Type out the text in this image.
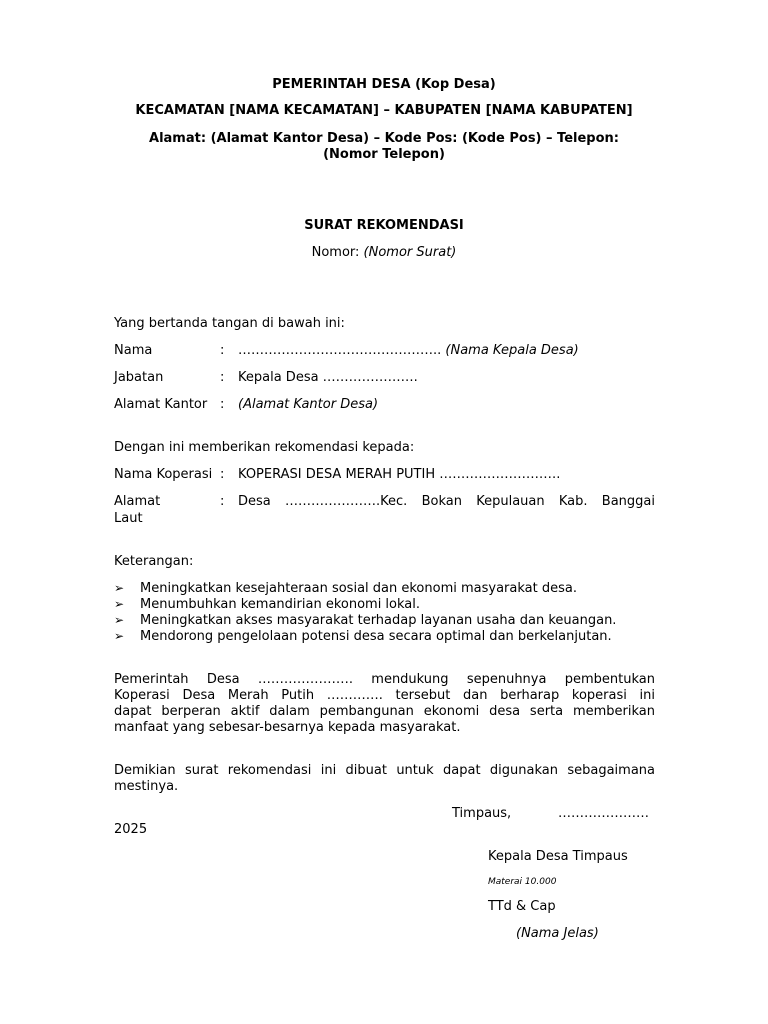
PEMERINTAH DESA (Kop Desa)
KECAMATAN [NAMA KECAMATAN] – KABUPATEN [NAMA KABUPATEN]
Alamat: (Alamat Kantor Desa) – Kode Pos: (Kode Pos) – Telepon:
(Nomor Telepon)
SURAT REKOMENDASI
Nomor: (Nomor Surat)
Yang bertanda tangan di bawah ini:
Nama	: ……………………………………….. (Nama Kepala Desa)
Jabatan	: Kepala Desa ………………….
Alamat Kantor : (Alamat Kantor Desa)
Dengan ini memberikan rekomendasi kepada:
Nama Koperasi : KOPERASI DESA MERAH PUTIH ……………………….
Alamat	: Desa ………………….Kec. Bokan Kepulauan Kab. Banggai
Laut
Keterangan:
➢ Meningkatkan kesejahteraan sosial dan ekonomi masyarakat desa.
➢ Menumbuhkan kemandirian ekonomi lokal.
➢ Meningkatkan akses masyarakat terhadap layanan usaha dan keuangan.
➢ Mendorong pengelolaan potensi desa secara optimal dan berkelanjutan.
Pemerintah Desa …………………. mendukung sepenuhnya pembentukan
Koperasi Desa Merah Putih …………. tersebut dan berharap koperasi ini
dapat berperan aktif dalam pembangunan ekonomi desa serta memberikan
manfaat yang sebesar-besarnya kepada masyarakat.
Demikian surat rekomendasi ini dibuat untuk dapat digunakan sebagaimana
mestinya.
Timpaus,	…………………
2025
Kepala Desa Timpaus
Materai 10.000
TTd & Cap
(Nama Jelas)
